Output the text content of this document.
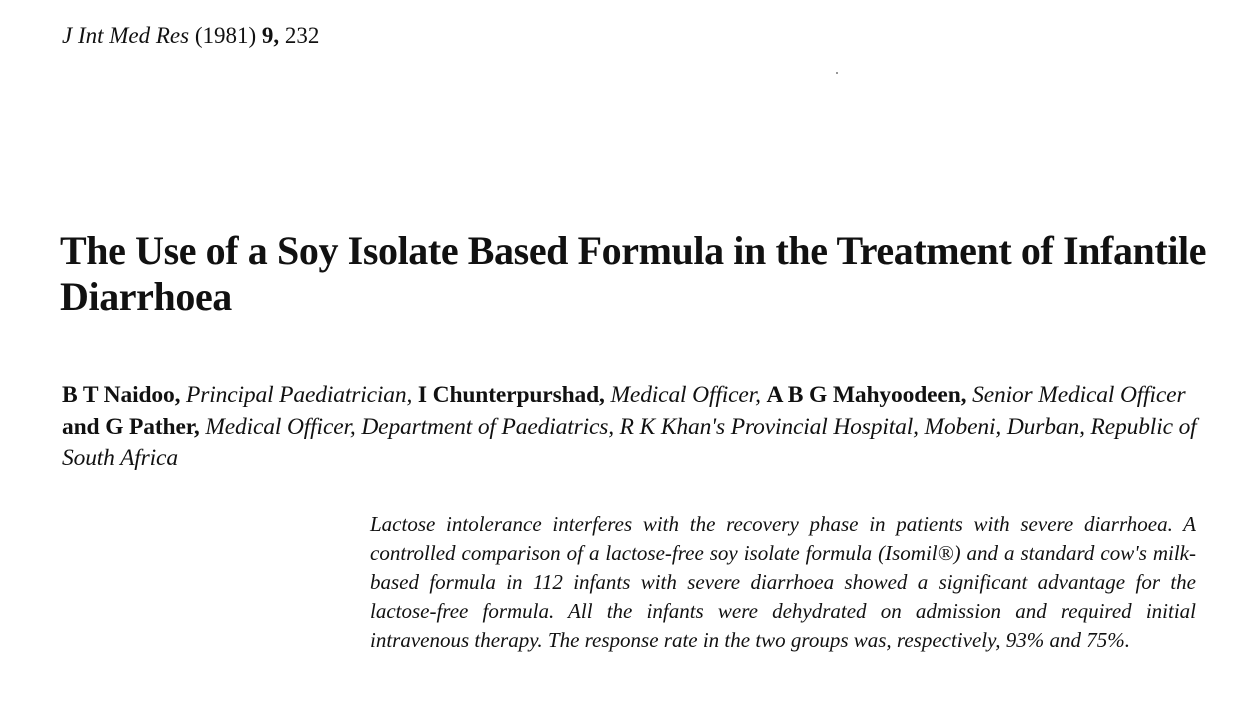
J Int Med Res (1981) 9, 232
The Use of a Soy Isolate Based Formula in the Treatment of Infantile Diarrhoea
B T Naidoo, Principal Paediatrician, I Chunterpurshad, Medical Officer, A B G Mahyoodeen, Senior Medical Officer and G Pather, Medical Officer, Department of Paediatrics, R K Khan's Provincial Hospital, Mobeni, Durban, Republic of South Africa

Lactose intolerance interferes with the recovery phase in patients with severe diarrhoea. A controlled comparison of a lactose-free soy isolate formula (Isomil®) and a standard cow's milk-based formula in 112 infants with severe diarrhoea showed a significant advantage for the lactose-free formula. All the infants were dehydrated on admission and required initial intravenous therapy. The response rate in the two groups was, respectively, 93% and 75%.
